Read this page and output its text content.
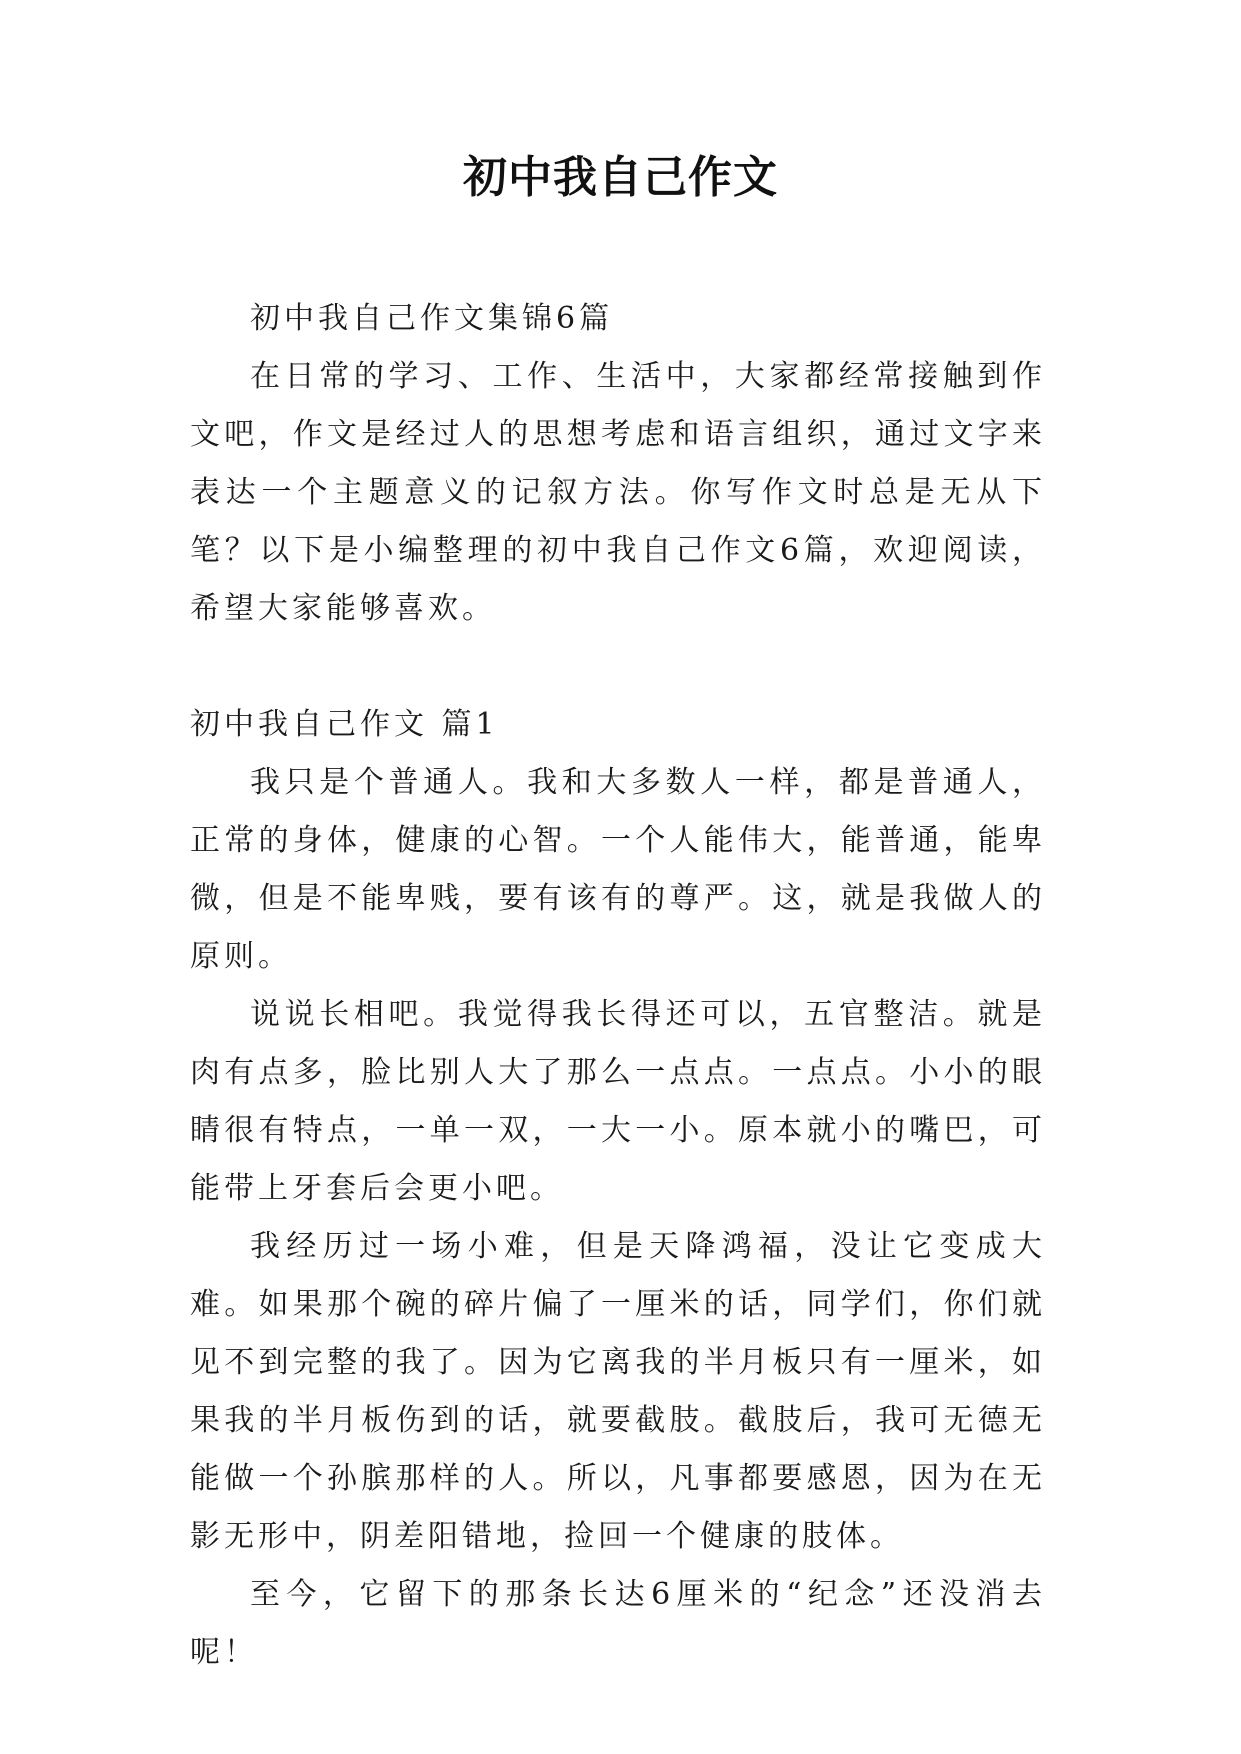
初中我自己作文

初中我自己作文集锦6篇

在日常的学习、工作、生活中，大家都经常接触到作文吧，作文是经过人的思想考虑和语言组织，通过文字来表达一个主题意义的记叙方法。你写作文时总是无从下笔？以下是小编整理的初中我自己作文6篇，欢迎阅读，希望大家能够喜欢。

初中我自己作文 篇1

我只是个普通人。我和大多数人一样，都是普通人，正常的身体，健康的心智。一个人能伟大，能普通，能卑微，但是不能卑贱，要有该有的尊严。这，就是我做人的原则。

说说长相吧。我觉得我长得还可以，五官整洁。就是肉有点多，脸比别人大了那么一点点。一点点。小小的眼睛很有特点，一单一双，一大一小。原本就小的嘴巴，可能带上牙套后会更小吧。

我经历过一场小难，但是天降鸿福，没让它变成大难。如果那个碗的碎片偏了一厘米的话，同学们，你们就见不到完整的我了。因为它离我的半月板只有一厘米，如果我的半月板伤到的话，就要截肢。截肢后，我可无德无能做一个孙膑那样的人。所以，凡事都要感恩，因为在无影无形中，阴差阳错地，捡回一个健康的肢体。

至今，它留下的那条长达6厘米的“纪念”还没消去呢！
